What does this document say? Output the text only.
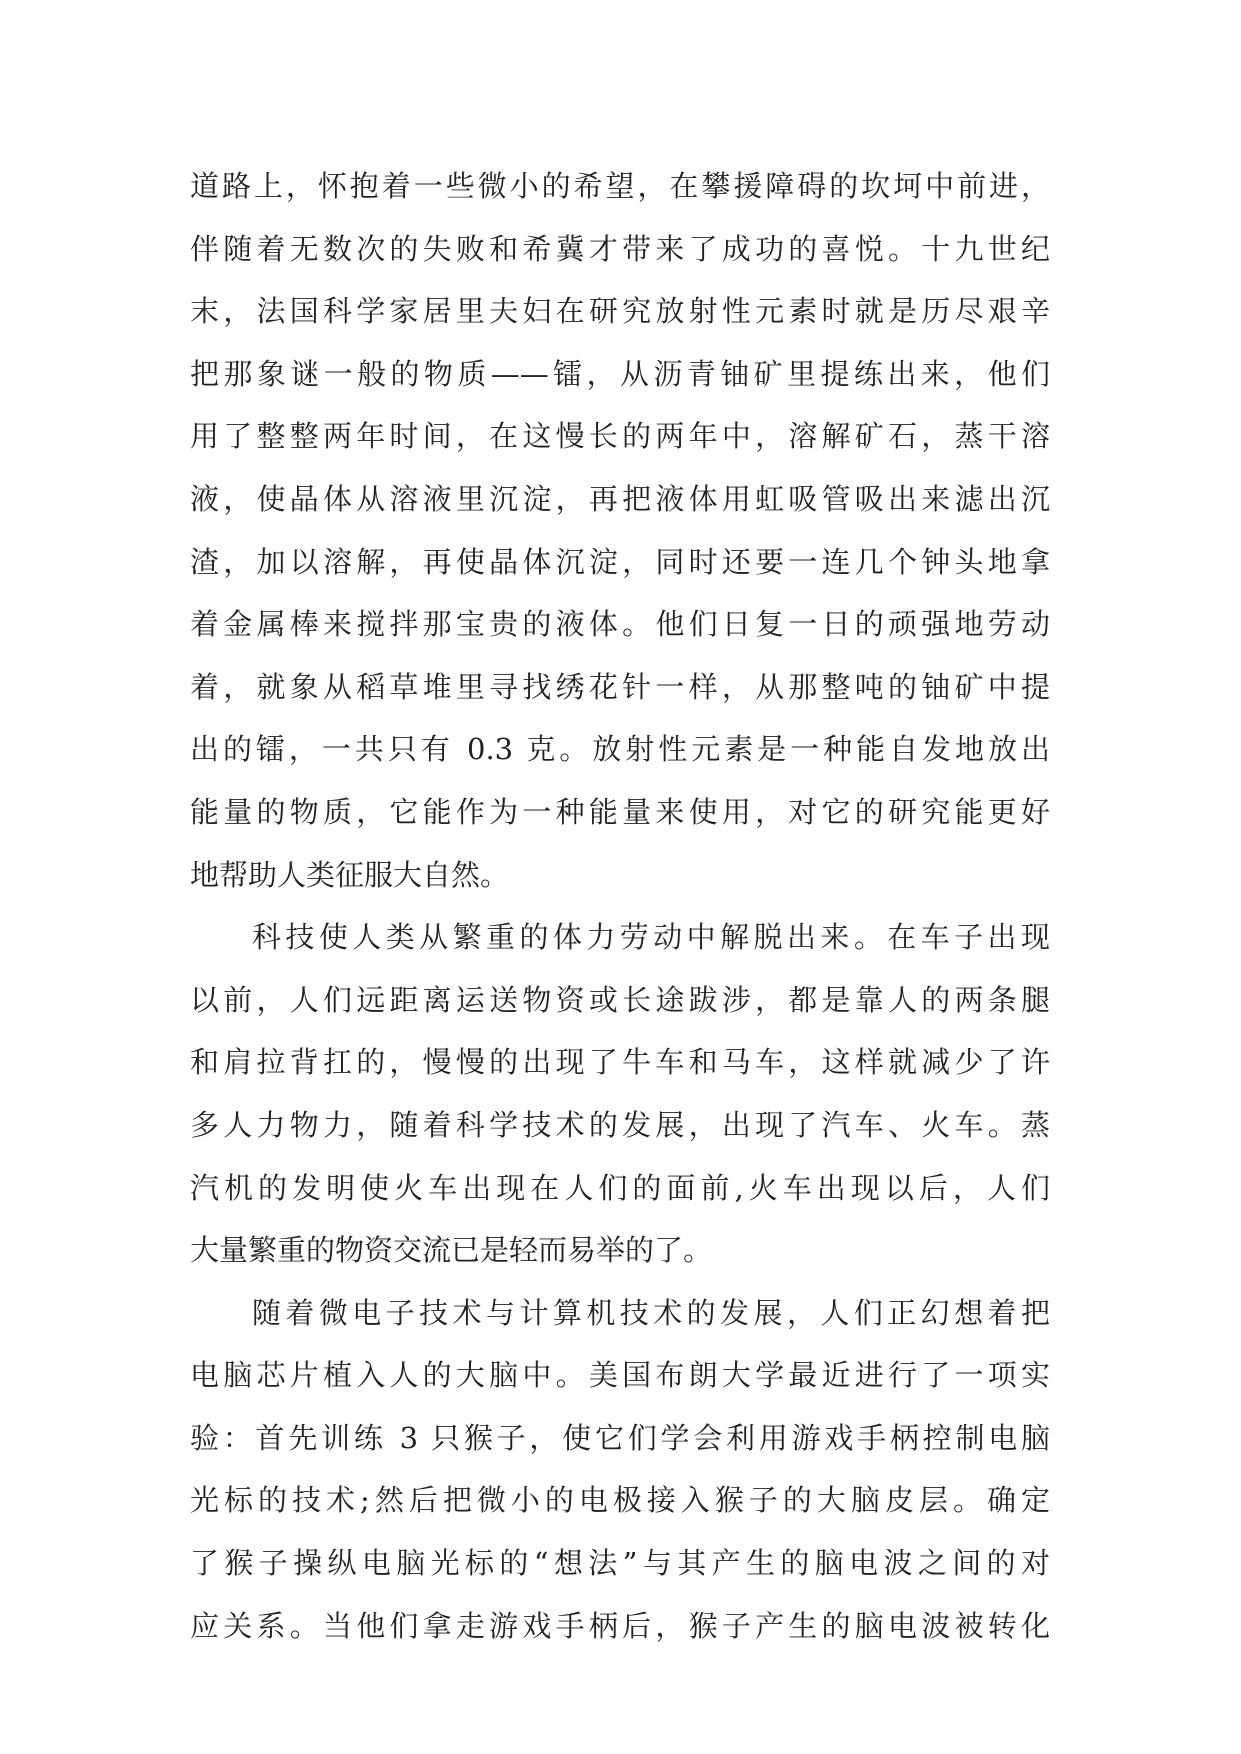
道路上，怀抱着一些微小的希望，在攀援障碍的坎坷中前进，
伴随着无数次的失败和希冀才带来了成功的喜悦。十九世纪
末，法国科学家居里夫妇在研究放射性元素时就是历尽艰辛
把那象谜一般的物质——镭，从沥青铀矿里提练出来，他们
用了整整两年时间，在这慢长的两年中，溶解矿石，蒸干溶
液，使晶体从溶液里沉淀，再把液体用虹吸管吸出来滤出沉
渣，加以溶解，再使晶体沉淀，同时还要一连几个钟头地拿
着金属棒来搅拌那宝贵的液体。他们日复一日的顽强地劳动
着，就象从稻草堆里寻找绣花针一样，从那整吨的铀矿中提
出的镭，一共只有 0.3 克。放射性元素是一种能自发地放出
能量的物质，它能作为一种能量来使用，对它的研究能更好
地帮助人类征服大自然。
科技使人类从繁重的体力劳动中解脱出来。在车子出现
以前，人们远距离运送物资或长途跋涉，都是靠人的两条腿
和肩拉背扛的，慢慢的出现了牛车和马车，这样就减少了许
多人力物力，随着科学技术的发展，出现了汽车、火车。蒸
汽机的发明使火车出现在人们的面前,火车出现以后，人们
大量繁重的物资交流已是轻而易举的了。
随着微电子技术与计算机技术的发展，人们正幻想着把
电脑芯片植入人的大脑中。美国布朗大学最近进行了一项实
验：首先训练 3 只猴子，使它们学会利用游戏手柄控制电脑
光标的技术;然后把微小的电极接入猴子的大脑皮层。确定
了猴子操纵电脑光标的“想法”与其产生的脑电波之间的对
应关系。当他们拿走游戏手柄后，猴子产生的脑电波被转化
